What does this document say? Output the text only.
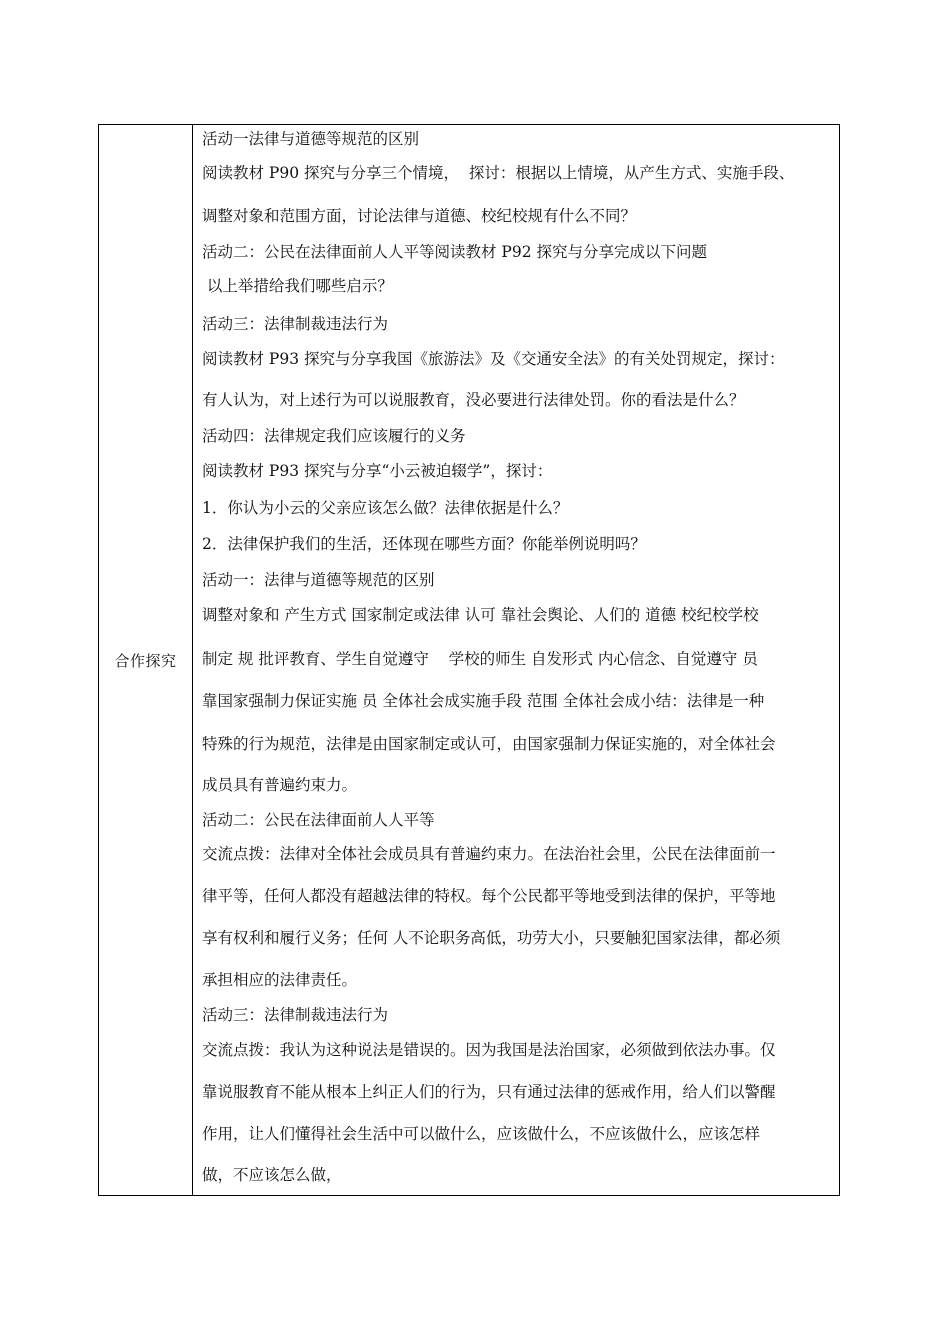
合作探究
活动一法律与道德等规范的区别
阅读教材 P90 探究与分享三个情境，  探讨：根据以上情境，从产生方式、实施手段、
调整对象和范围方面，讨论法律与道德、校纪校规有什么不同？
活动二：公民在法律面前人人平等阅读教材 P92 探究与分享完成以下问题
以上举措给我们哪些启示？
活动三：法律制裁违法行为
阅读教材 P93 探究与分享我国《旅游法》及《交通安全法》的有关处罚规定，探讨：
有人认为，对上述行为可以说服教育，没必要进行法律处罚。你的看法是什么？
活动四：法律规定我们应该履行的义务
阅读教材 P93 探究与分享“小云被迫辍学”，探讨：
1．你认为小云的父亲应该怎么做？法律依据是什么？
2．法律保护我们的生活，还体现在哪些方面？你能举例说明吗？
活动一：法律与道德等规范的区别
调整对象和 产生方式 国家制定或法律 认可 靠社会舆论、人们的 道德 校纪校学校
制定 规 批评教育、学生自觉遵守    学校的师生 自发形式 内心信念、自觉遵守 员
靠国家强制力保证实施 员 全体社会成实施手段 范围 全体社会成小结：法律是一种
特殊的行为规范，法律是由国家制定或认可，由国家强制力保证实施的，对全体社会
成员具有普遍约束力。
活动二：公民在法律面前人人平等
交流点拨：法律对全体社会成员具有普遍约束力。在法治社会里，公民在法律面前一
律平等，任何人都没有超越法律的特权。每个公民都平等地受到法律的保护，平等地
享有权利和履行义务；任何 人不论职务高低，功劳大小，只要触犯国家法律，都必须
承担相应的法律责任。
活动三：法律制裁违法行为
交流点拨：我认为这种说法是错误的。因为我国是法治国家，必须做到依法办事。仅
靠说服教育不能从根本上纠正人们的行为，只有通过法律的惩戒作用，给人们以警醒
作用，让人们懂得社会生活中可以做什么，应该做什么，不应该做什么，应该怎样
做，不应该怎么做，
